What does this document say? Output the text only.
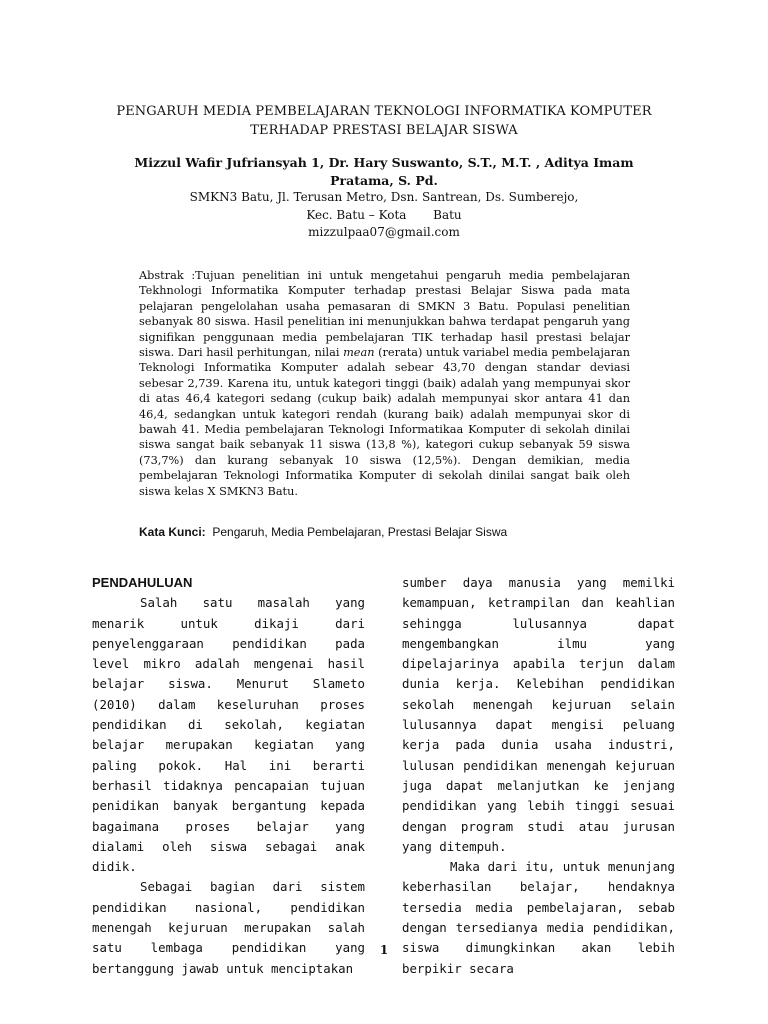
PENGARUH MEDIA PEMBELAJARAN TEKNOLOGI INFORMATIKA KOMPUTER
TERHADAP PRESTASI BELAJAR SISWA
Mizzul Wafir Jufriansyah 1, Dr. Hary Suswanto, S.T., M.T. , Aditya Imam
Pratama, S. Pd.
SMKN3 Batu, Jl. Terusan Metro, Dsn. Santrean, Ds. Sumberejo,
Kec. Batu – Kota       Batu
mizzulpaa07@gmail.com

Abstrak :Tujuan penelitian ini untuk mengetahui pengaruh media pembelajaran Tekhnologi Informatika Komputer terhadap prestasi Belajar Siswa pada mata pelajaran pengelolahan usaha pemasaran di SMKN 3 Batu. Populasi penelitian sebanyak 80 siswa. Hasil penelitian ini menunjukkan bahwa terdapat pengaruh yang signifikan penggunaan media pembelajaran TIK terhadap hasil prestasi belajar siswa. Dari hasil perhitungan, nilai mean (rerata) untuk variabel media pembelajaran Teknologi Informatika Komputer adalah sebear 43,70 dengan standar deviasi sebesar 2,739. Karena itu, untuk kategori tinggi (baik) adalah yang mempunyai skor di atas 46,4 kategori sedang (cukup baik) adalah mempunyai skor antara 41 dan 46,4, sedangkan untuk kategori rendah (kurang baik) adalah mempunyai skor di bawah 41. Media pembelajaran Teknologi Informatikaa Komputer di sekolah dinilai siswa sangat baik sebanyak 11 siswa (13,8 %), kategori cukup sebanyak 59 siswa (73,7%) dan kurang sebanyak 10 siswa (12,5%). Dengan demikian, media pembelajaran Teknologi Informatika Komputer di sekolah dinilai sangat baik oleh siswa kelas X SMKN3 Batu.

Kata Kunci: Pengaruh, Media Pembelajaran, Prestasi Belajar Siswa
PENDAHULUAN

Salah satu masalah yang menarik untuk dikaji dari penyelenggaraan pendidikan pada level mikro adalah mengenai hasil belajar siswa. Menurut Slameto (2010) dalam keseluruhan proses pendidikan di sekolah, kegiatan belajar merupakan kegiatan yang paling pokok. Hal ini berarti berhasil tidaknya pencapaian tujuan penidikan banyak bergantung kepada bagaimana proses belajar yang dialami oleh siswa sebagai anak didik.

Sebagai bagian dari sistem pendidikan nasional, pendidikan menengah kejuruan merupakan salah satu lembaga pendidikan yang bertanggung jawab untuk menciptakan

sumber daya manusia yang memilki kemampuan, ketrampilan dan keahlian sehingga lulusannya dapat mengembangkan ilmu yang dipelajarinya apabila terjun dalam dunia kerja. Kelebihan pendidikan sekolah menengah kejuruan selain lulusannya dapat mengisi peluang kerja pada dunia usaha industri, lulusan pendidikan menengah kejuruan juga dapat melanjutkan ke jenjang pendidikan yang lebih tinggi sesuai dengan program studi atau jurusan yang ditempuh.

Maka dari itu, untuk menunjang keberhasilan belajar, hendaknya tersedia media pembelajaran, sebab dengan tersedianya media pendidikan, siswa dimungkinkan akan lebih berpikir secara

1
